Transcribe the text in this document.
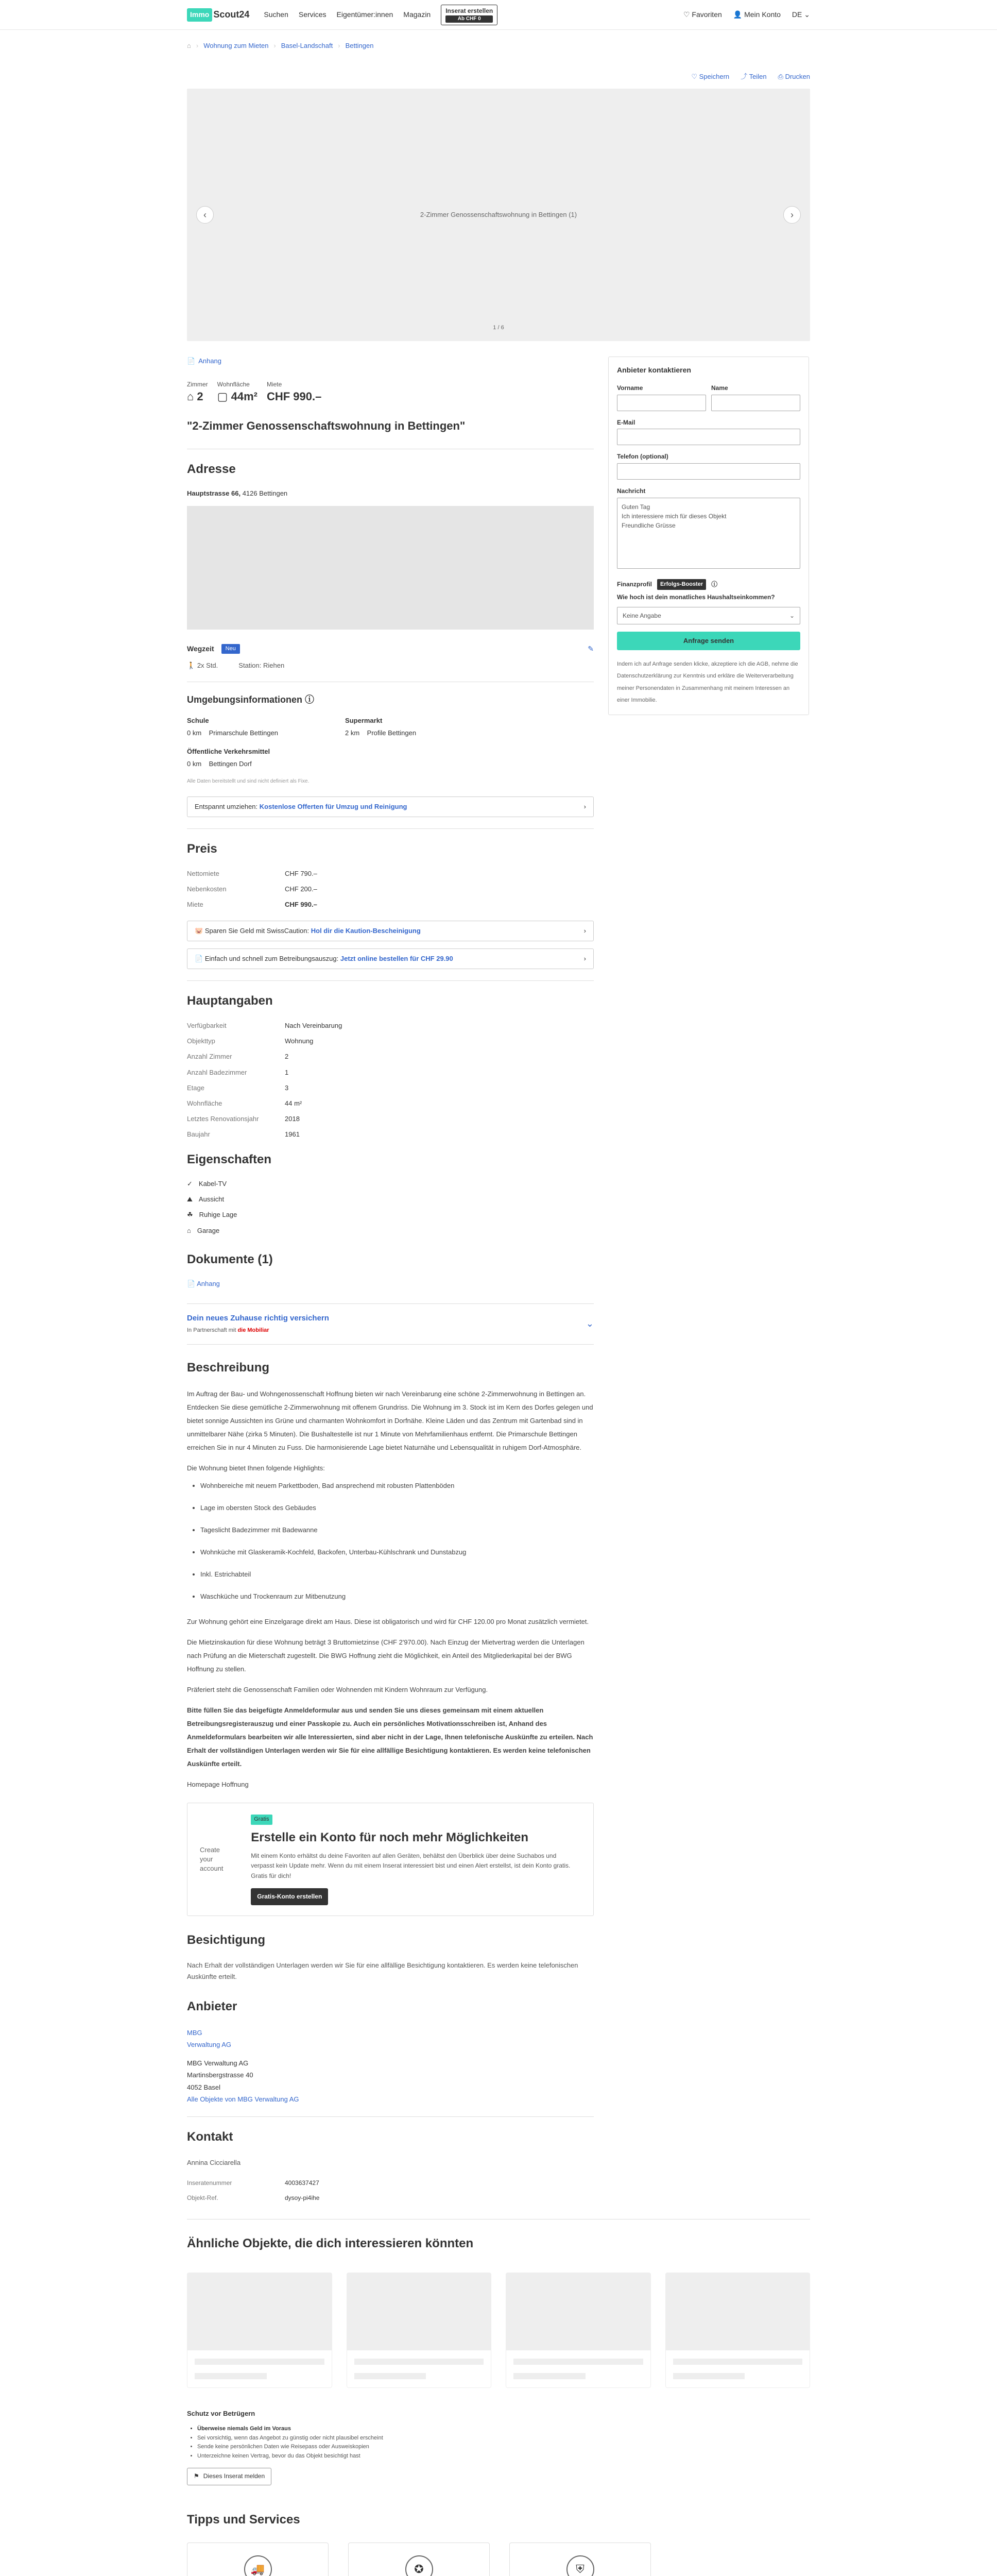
Immo Scout24 Suchen Services Eigentümer:innen Magazin	Inserat erstellen
Ab CHF 0
♡ Favoriten 👤 Mein Konto DE ⌄
⌂ › Wohnung zum Mieten › Basel-Landschaft › Bettingen
♡ Speichern ⤴ Teilen ⎙ Drucken
2-Zimmer Genossenschaftswohnung in Bettingen (1)
‹	›
1 / 6
📄 Anhang
Zimmer
⌂ 2
Wohnfläche
▢ 44m²
Miete
CHF 990.–
"2-Zimmer Genossenschaftswohnung in Bettingen"
Adresse
Hauptstrasse 66, 4126 Bettingen
Wegzeit	Neu	✎
🚶 2x Std.	Station: Riehen
Umgebungsinformationen ⓘ
Schule
0 km Primarschule Bettingen
Supermarkt
2 km Profile Bettingen
Öffentliche Verkehrsmittel
0 km Bettingen Dorf
Alle Daten bereitstellt und sind nicht definiert als Fixe.
Entspannt umziehen: Kostenlose Offerten für Umzug und Reinigung	›
Preis
Nettomiete	CHF 790.–
Nebenkosten	CHF 200.–
Miete	CHF 990.–
🐷 Sparen Sie Geld mit SwissCaution: Hol dir die Kaution-Bescheinigung	›
📄 Einfach und schnell zum Betreibungsauszug: Jetzt online bestellen für CHF 29.90	›
Hauptangaben
Verfügbarkeit	Nach Vereinbarung
Objekttyp	Wohnung
Anzahl Zimmer	2
Anzahl Badezimmer	1
Etage	3
Wohnfläche	44 m²
Letztes Renovationsjahr	2018
Baujahr	1961
Eigenschaften
✓ Kabel-TV
⛰ Aussicht
☘ Ruhige Lage
⌂ Garage
Dokumente (1)
📄 Anhang
Dein neues Zuhause richtig versichern
In Partnerschaft mit die Mobiliar
⌄
Beschreibung

Im Auftrag der Bau- und Wohngenossenschaft Hoffnung bieten wir nach Vereinbarung eine schöne 2-Zimmerwohnung in Bettingen an. Entdecken Sie diese gemütliche 2-Zimmerwohnung mit offenem Grundriss. Die Wohnung im 3. Stock ist im Kern des Dorfes gelegen und bietet sonnige Aussichten ins Grüne und charmanten Wohnkomfort in Dorfnähe. Kleine Läden und das Zentrum mit Gartenbad sind in unmittelbarer Nähe (zirka 5 Minuten). Die Bushaltestelle ist nur 1 Minute von Mehrfamilienhaus entfernt. Die Primarschule Bettingen erreichen Sie in nur 4 Minuten zu Fuss. Die harmonisierende Lage bietet Naturnähe und Lebensqualität in ruhigem Dorf-Atmosphäre.

Die Wohnung bietet Ihnen folgende Highlights:

• Wohnbereiche mit neuem Parkettboden, Bad ansprechend mit robusten Plattenböden
• Lage im obersten Stock des Gebäudes
• Tageslicht Badezimmer mit Badewanne
• Wohnküche mit Glaskeramik-Kochfeld, Backofen, Unterbau-Kühlschrank und Dunstabzug
• Inkl. Estrichabteil
• Waschküche und Trockenraum zur Mitbenutzung

Zur Wohnung gehört eine Einzelgarage direkt am Haus. Diese ist obligatorisch und wird für CHF 120.00 pro Monat zusätzlich vermietet.

Die Mietzinskaution für diese Wohnung beträgt 3 Bruttomietzinse (CHF 2'970.00). Nach Einzug der Mietvertrag werden die Unterlagen nach Prüfung an die Mieterschaft zugestellt. Die BWG Hoffnung zieht die Möglichkeit, ein Anteil des Mitgliederkapital bei der BWG Hoffnung zu stellen.

Präferiert steht die Genossenschaft Familien oder Wohnenden mit Kindern Wohnraum zur Verfügung.

Bitte füllen Sie das beigefügte Anmeldeformular aus und senden Sie uns dieses gemeinsam mit einem aktuellen Betreibungsregisterauszug und einer Passkopie zu. Auch ein persönliches Motivationsschreiben ist, Anhand des Anmeldeformulars bearbeiten wir alle Interessierten, sind aber nicht in der Lage, Ihnen telefonische Auskünfte zu erteilen. Nach Erhalt der vollständigen Unterlagen werden wir Sie für eine allfällige Besichtigung kontaktieren. Es werden keine telefonischen Auskünfte erteilt.

Homepage Hoffnung

Create your account
Gratis
Erstelle ein Konto für noch mehr Möglichkeiten

Mit einem Konto erhältst du deine Favoriten auf allen Geräten, behältst den Überblick über deine Suchabos und verpasst kein Update mehr. Wenn du mit einem Inserat interessiert bist und einen Alert erstellst, ist dein Konto gratis. Gratis für dich!

Gratis-Konto erstellen
Besichtigung

Nach Erhalt der vollständigen Unterlagen werden wir Sie für eine allfällige Besichtigung kontaktieren. Es werden keine telefonischen Auskünfte erteilt.

Anbieter
MBG
Verwaltung AG
MBG Verwaltung AG
Martinsbergstrasse 40
4052 Basel
Alle Objekte von MBG Verwaltung AG
Kontakt
Annina Cicciarella
Inseratenummer	4003637427
Objekt-Ref.	dysoy-pi4ihe
Anbieter kontaktieren
Vorname	Name
E-Mail
Telefon (optional)
Nachricht
Guten Tag
Ich interessiere mich für dieses Objekt
Freundliche Grüsse
Finanzprofil	Erfolgs-Booster	ⓘ
Wie hoch ist dein monatliches Haushaltseinkommen?
Keine Angabe	⌄
Anfrage senden
Indem ich auf Anfrage senden klicke, akzeptiere ich die AGB, nehme die Datenschutzerklärung zur Kenntnis und erkläre die Weiterverarbeitung meiner Personendaten in Zusammenhang mit meinem Interessen an einer Immobilie.
Ähnliche Objekte, die dich interessieren könnten
Schutz vor Betrügern
• Überweise niemals Geld im Voraus
• Sei vorsichtig, wenn das Angebot zu günstig oder nicht plausibel erscheint
• Sende keine persönlichen Daten wie Reisepass oder Ausweiskopien
• Unterzeichne keinen Vertrag, bevor du das Objekt besichtigt hast
⚑ Dieses Inserat melden
Tipps und Services
🚚	✪	⛨
